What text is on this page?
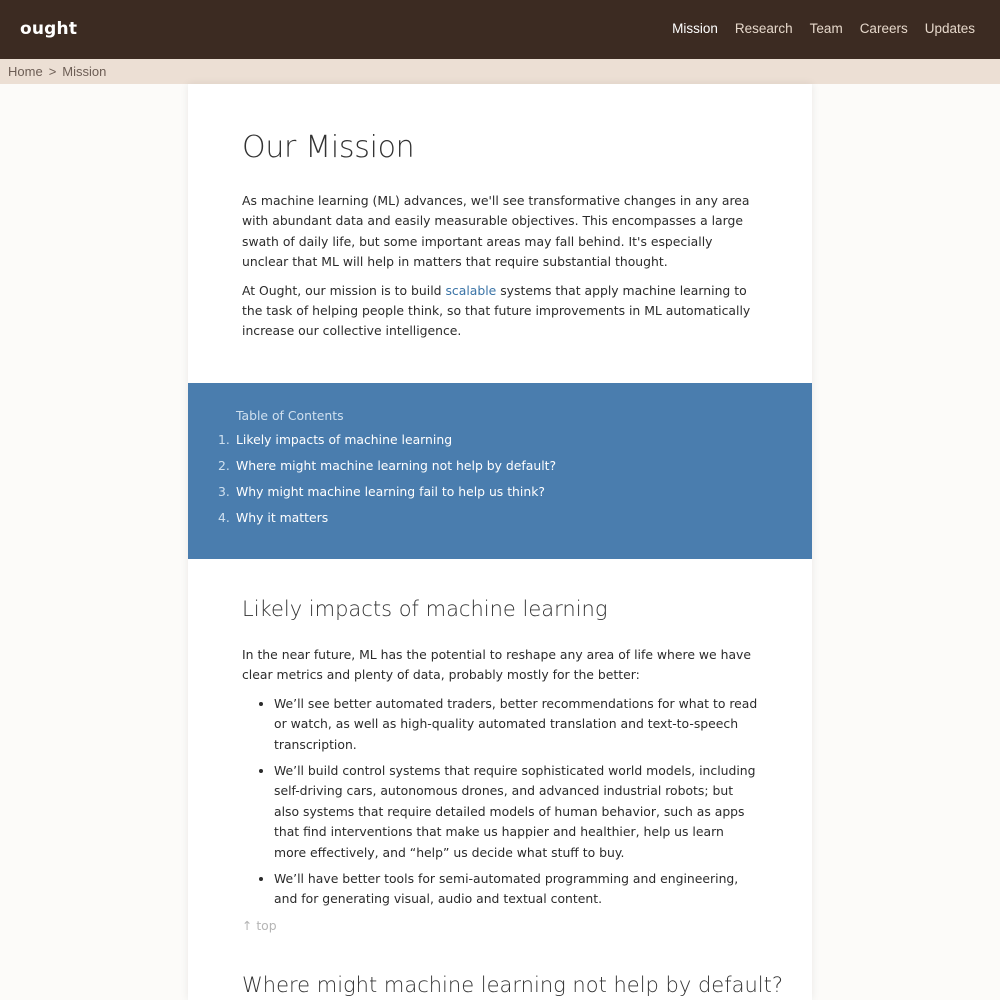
ought	Mission Research Team Careers Updates
Home > Mission
Our Mission

As machine learning (ML) advances, we'll see transformative changes in any area with abundant data and easily measurable objectives. This encompasses a large swath of daily life, but some important areas may fall behind. It's especially unclear that ML will help in matters that require substantial thought.

At Ought, our mission is to build scalable systems that apply machine learning to the task of helping people think, so that future improvements in ML automatically increase our collective intelligence.

Table of Contents
1. Likely impacts of machine learning
2. Where might machine learning not help by default?
3. Why might machine learning fail to help us think?
4. Why it matters
Likely impacts of machine learning

In the near future, ML has the potential to reshape any area of life where we have clear metrics and plenty of data, probably mostly for the better:

• We’ll see better automated traders, better recommendations for what to read or watch, as well as high-quality automated translation and text-to-speech transcription.
• We’ll build control systems that require sophisticated world models, including self-driving cars, autonomous drones, and advanced industrial robots; but also systems that require detailed models of human behavior, such as apps that find interventions that make us happier and healthier, help us learn more effectively, and “help” us decide what stuff to buy.
• We’ll have better tools for semi-automated programming and engineering, and for generating visual, audio and textual content.
↑ top
Where might machine learning not help by default?
